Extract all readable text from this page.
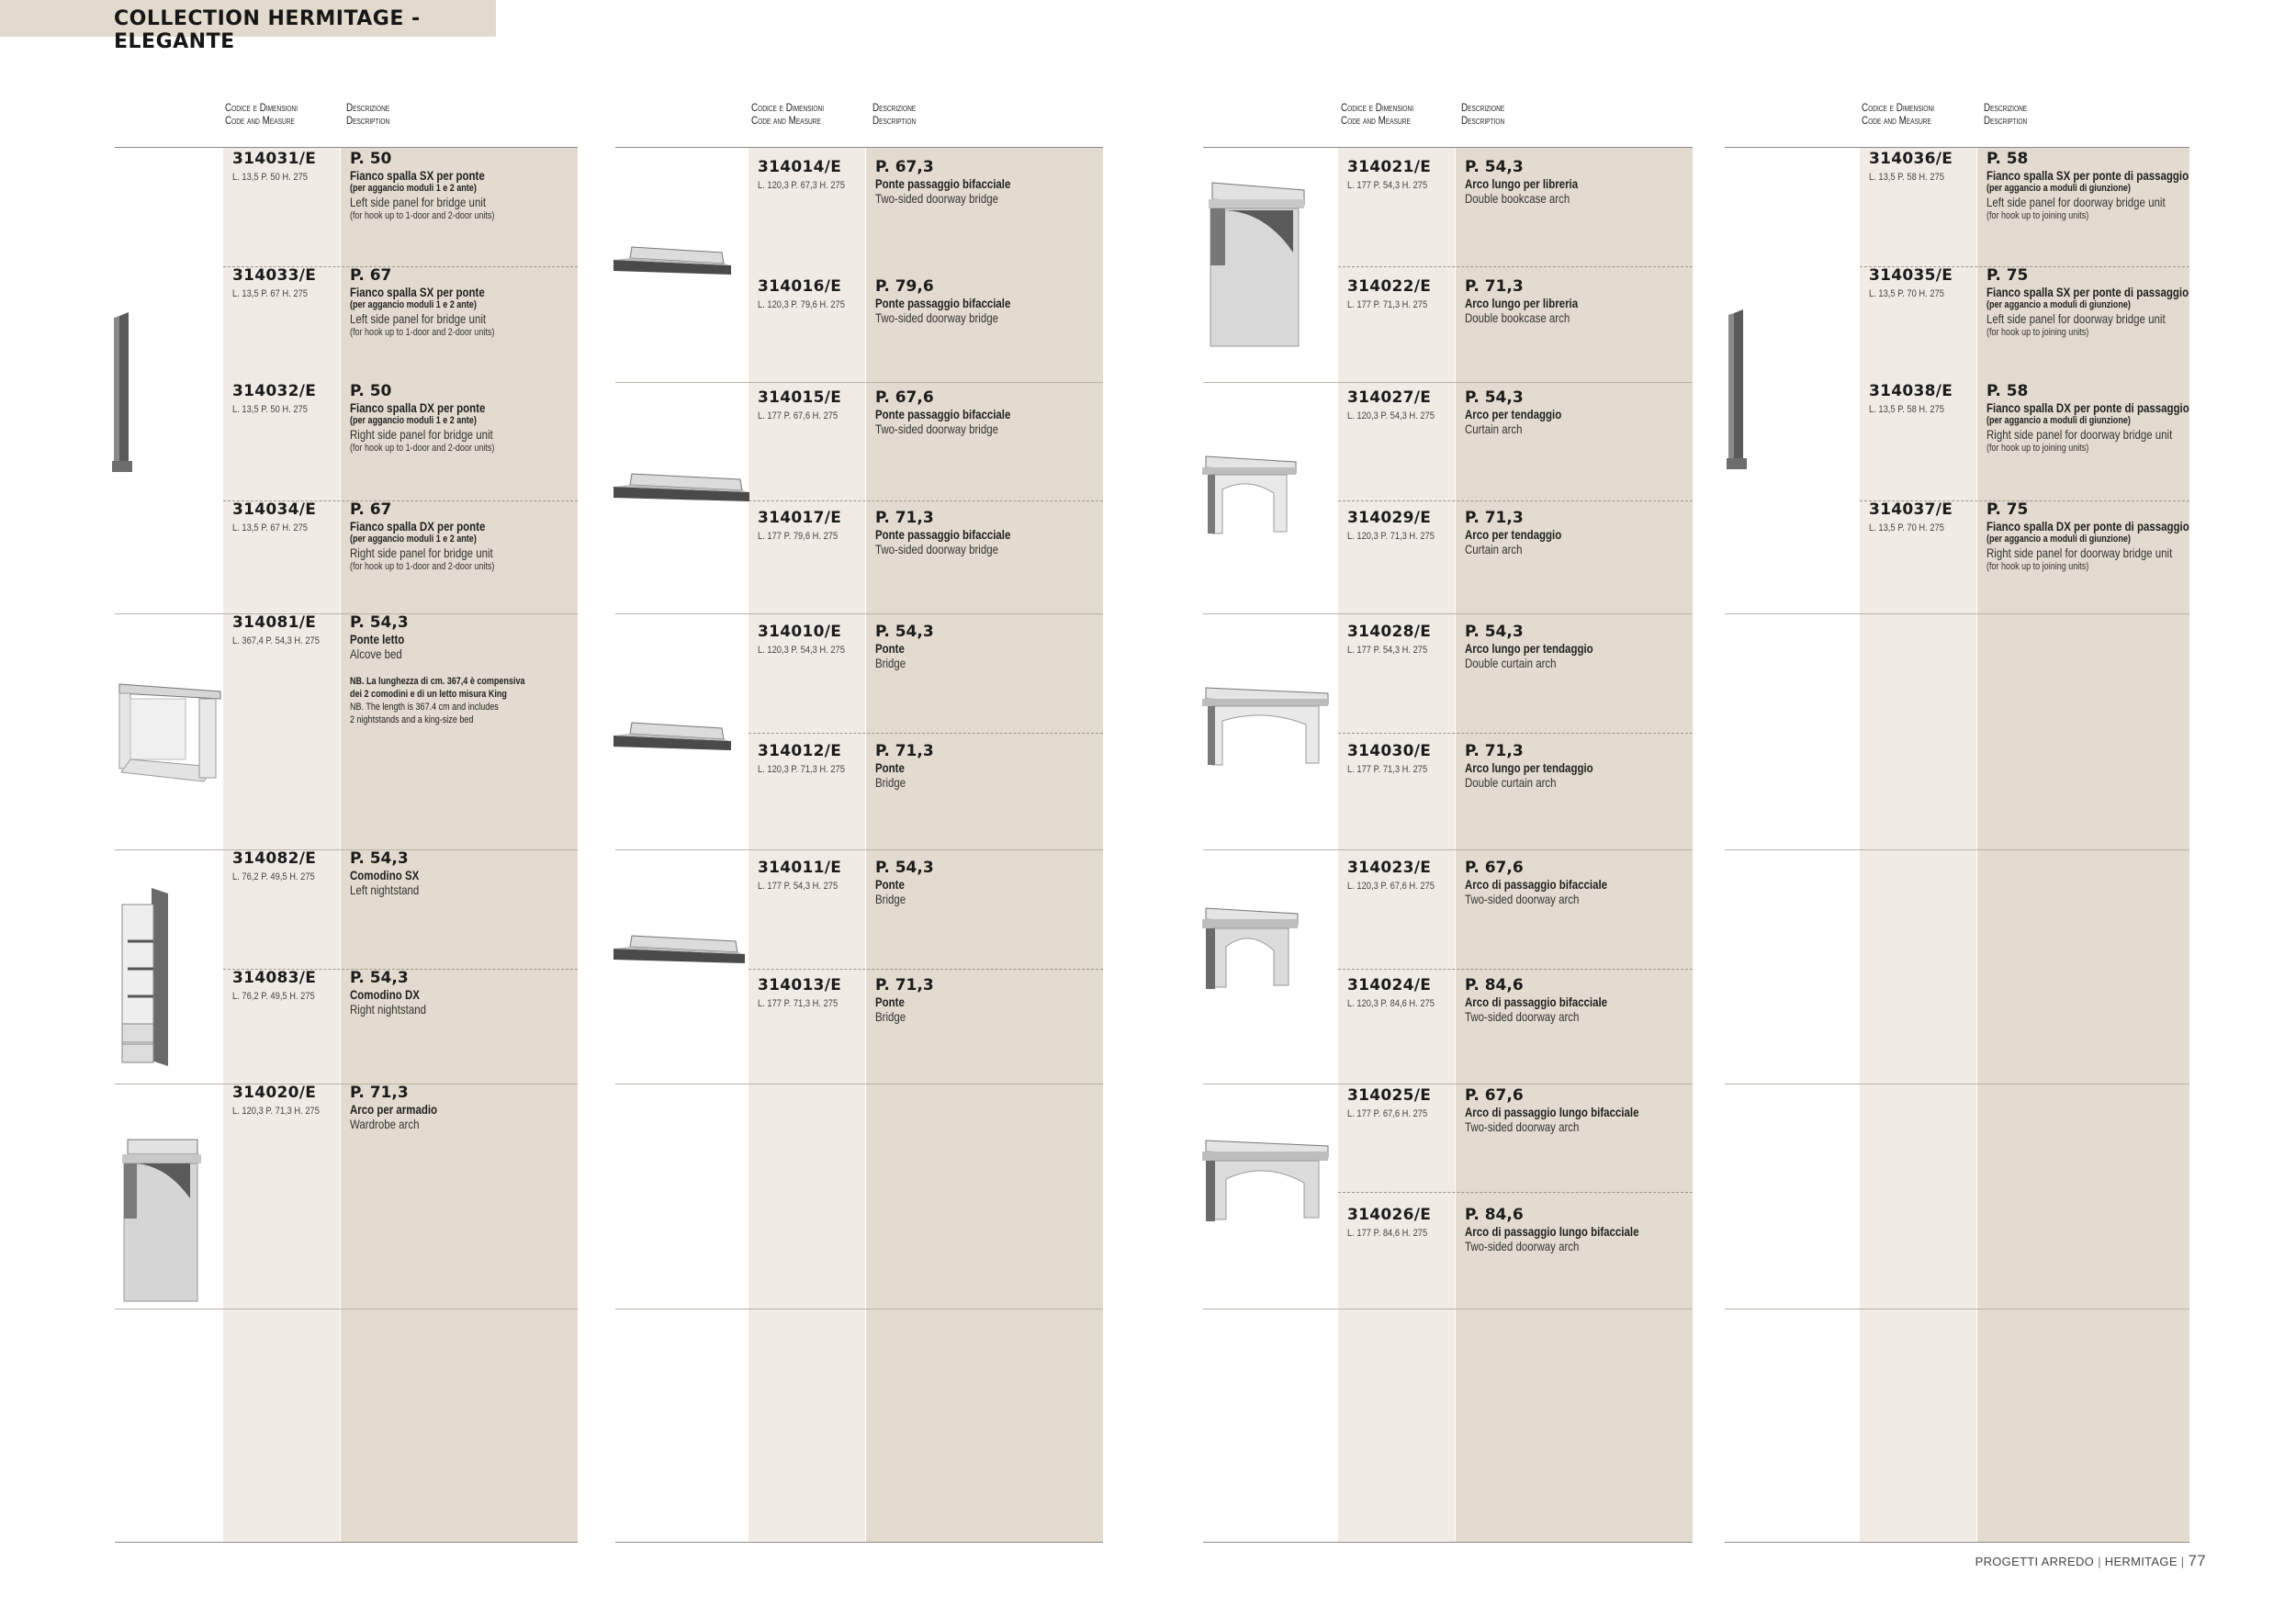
COLLECTION HERMITAGE - ELEGANTE
Codice e Dimensioni
Code and Measure
Descrizione
Description
314031/E
L. 13,5 P. 50 H. 275
P. 50
Fianco spalla SX per ponte
(per aggancio moduli 1 e 2 ante)
Left side panel for bridge unit
(for hook up to 1-door and 2-door units)
314033/E
L. 13,5 P. 67 H. 275
P. 67
Fianco spalla SX per ponte
(per aggancio moduli 1 e 2 ante)
Left side panel for bridge unit
(for hook up to 1-door and 2-door units)
314032/E
L. 13,5 P. 50 H. 275
P. 50
Fianco spalla DX per ponte
(per aggancio moduli 1 e 2 ante)
Right side panel for bridge unit
(for hook up to 1-door and 2-door units)
314034/E
L. 13,5 P. 67 H. 275
P. 67
Fianco spalla DX per ponte
(per aggancio moduli 1 e 2 ante)
Right side panel for bridge unit
(for hook up to 1-door and 2-door units)
314081/E
L. 367,4 P. 54,3 H. 275
P. 54,3
Ponte letto
Alcove bed
NB. La lunghezza di cm. 367,4 è compensiva
dei 2 comodini e di un letto misura King
NB. The length is 367.4 cm and includes
2 nightstands and a king-size bed
314082/E
L. 76,2 P. 49,5 H. 275
P. 54,3
Comodino SX
Left nightstand
314083/E
L. 76,2 P. 49,5 H. 275
P. 54,3
Comodino DX
Right nightstand
314020/E
L. 120,3 P. 71,3 H. 275
P. 71,3
Arco per armadio
Wardrobe arch
Codice e Dimensioni
Code and Measure
Descrizione
Description
314014/E
L. 120,3 P. 67,3 H. 275
P. 67,3
Ponte passaggio bifacciale
Two-sided doorway bridge
314016/E
L. 120,3 P. 79,6 H. 275
P. 79,6
Ponte passaggio bifacciale
Two-sided doorway bridge
314015/E
L. 177 P. 67,6 H. 275
P. 67,6
Ponte passaggio bifacciale
Two-sided doorway bridge
314017/E
L. 177 P. 79,6 H. 275
P. 71,3
Ponte passaggio bifacciale
Two-sided doorway bridge
314010/E
L. 120,3 P. 54,3 H. 275
P. 54,3
Ponte
Bridge
314012/E
L. 120,3 P. 71,3 H. 275
P. 71,3
Ponte
Bridge
314011/E
L. 177 P. 54,3 H. 275
P. 54,3
Ponte
Bridge
314013/E
L. 177 P. 71,3 H. 275
P. 71,3
Ponte
Bridge
Codice e Dimensioni
Code and Measure
Descrizione
Description
314021/E
L. 177 P. 54,3 H. 275
P. 54,3
Arco lungo per libreria
Double bookcase arch
314022/E
L. 177 P. 71,3 H. 275
P. 71,3
Arco lungo per libreria
Double bookcase arch
314027/E
L. 120,3 P. 54,3 H. 275
P. 54,3
Arco per tendaggio
Curtain arch
314029/E
L. 120,3 P. 71,3 H. 275
P. 71,3
Arco per tendaggio
Curtain arch
314028/E
L. 177 P. 54,3 H. 275
P. 54,3
Arco lungo per tendaggio
Double curtain arch
314030/E
L. 177 P. 71,3 H. 275
P. 71,3
Arco lungo per tendaggio
Double curtain arch
314023/E
L. 120,3 P. 67,6 H. 275
P. 67,6
Arco di passaggio bifacciale
Two-sided doorway arch
314024/E
L. 120,3 P. 84,6 H. 275
P. 84,6
Arco di passaggio bifacciale
Two-sided doorway arch
314025/E
L. 177 P. 67,6 H. 275
P. 67,6
Arco di passaggio lungo bifacciale
Two-sided doorway arch
314026/E
L. 177 P. 84,6 H. 275
P. 84,6
Arco di passaggio lungo bifacciale
Two-sided doorway arch
Codice e Dimensioni
Code and Measure
Descrizione
Description
314036/E
L. 13,5 P. 58 H. 275
P. 58
Fianco spalla SX per ponte di passaggio
(per aggancio a moduli di giunzione)
Left side panel for doorway bridge unit
(for hook up to joining units)
314035/E
L. 13,5 P. 70 H. 275
P. 75
Fianco spalla SX per ponte di passaggio
(per aggancio a moduli di giunzione)
Left side panel for doorway bridge unit
(for hook up to joining units)
314038/E
L. 13,5 P. 58 H. 275
P. 58
Fianco spalla DX per ponte di passaggio
(per aggancio a moduli di giunzione)
Right side panel for doorway bridge unit
(for hook up to joining units)
314037/E
L. 13,5 P. 70 H. 275
P. 75
Fianco spalla DX per ponte di passaggio
(per aggancio a moduli di giunzione)
Right side panel for doorway bridge unit
(for hook up to joining units)
PROGETTI ARREDO | HERMITAGE | 77
